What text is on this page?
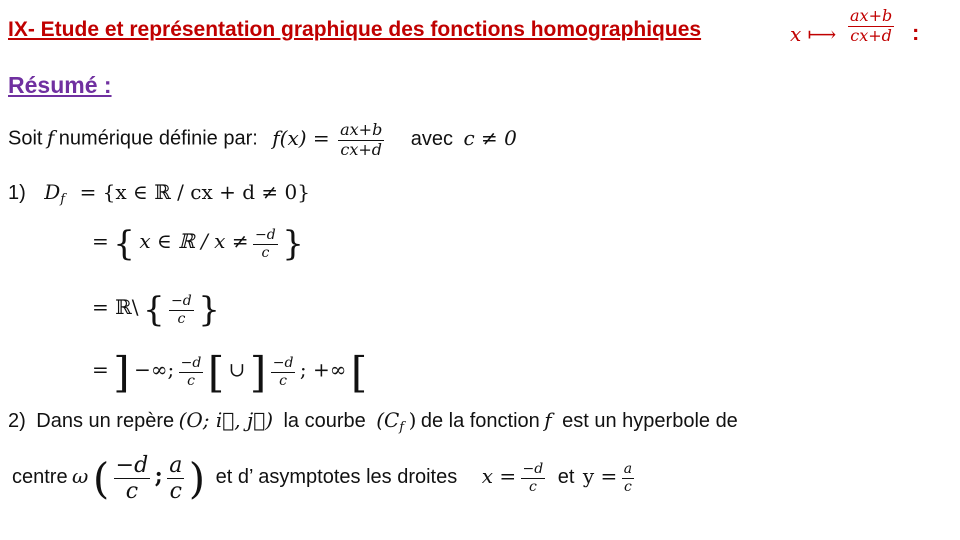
IX- Etude et représentation graphique des fonctions homographiques	x ⟼ $\frac{ax+b}{cx+d}$ :
Résumé :
Soit f numérique définie par: $f(x) = \frac{ax+b}{cx+d}$ avec c ≠ 0
1) $D_f = \{x$ ∈ ℝ / cx + d ≠ 0}
= { x ∈ ℝ / $x \ne \frac{-d}{c}$ }
= ℝ\ { $\frac{-d}{c}$ }
= ] −∞; $\frac{-d}{c}$ [ ∪ ] $\frac{-d}{c}$ ; +∞ [
2) Dans un repère (O; i⃗, j⃗) la courbe ($C_f$ ) de la fonction f est un hyperbole de
centre ω ( $\frac{-d}{c}$ ; $\frac{a}{c}$ ) et d’ asymptotes les droites $x = \frac{-d}{c}$ et $y = \frac{a}{c}$
